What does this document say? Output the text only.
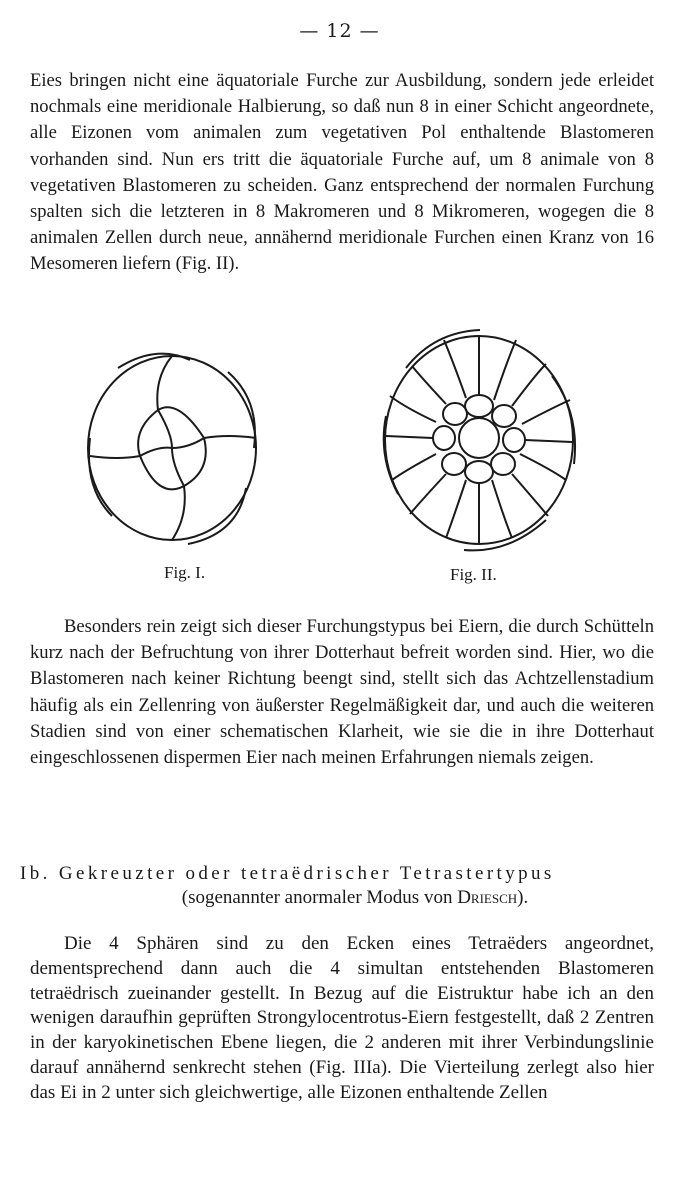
— 12 —

Eies bringen nicht eine äquatoriale Furche zur Ausbildung, sondern jede erleidet nochmals eine meridionale Halbierung, so daß nun 8 in einer Schicht angeordnete, alle Eizonen vom animalen zum vegetativen Pol enthaltende Blastomeren vorhanden sind. Nun ers tritt die äquatoriale Furche auf, um 8 animale von 8 vegetativen Blastomeren zu scheiden. Ganz entsprechend der normalen Furchung spalten sich die letzteren in 8 Makromeren und 8 Mikromeren, wogegen die 8 animalen Zellen durch neue, annähernd meridionale Furchen einen Kranz von 16 Mesomeren liefern (Fig. II).

Fig. I.	Fig. II.

Besonders rein zeigt sich dieser Furchungstypus bei Eiern, die durch Schütteln kurz nach der Befruchtung von ihrer Dotterhaut befreit worden sind. Hier, wo die Blastomeren nach keiner Richtung beengt sind, stellt sich das Achtzellenstadium häufig als ein Zellenring von äußerster Regelmäßigkeit dar, und auch die weiteren Stadien sind von einer schematischen Klarheit, wie sie die in ihre Dotterhaut eingeschlossenen dispermen Eier nach meinen Erfahrungen niemals zeigen.

Ib. Gekreuzter oder tetraëdrischer Tetrastertypus
(sogenannter anormaler Modus von Driesch).

Die 4 Sphären sind zu den Ecken eines Tetraëders angeordnet, dementsprechend dann auch die 4 simultan entstehenden Blastomeren tetraëdrisch zueinander gestellt. In Bezug auf die Eistruktur habe ich an den wenigen daraufhin geprüften Strongylocentrotus-Eiern festgestellt, daß 2 Zentren in der karyokinetischen Ebene liegen, die 2 anderen mit ihrer Verbindungslinie darauf annähernd senkrecht stehen (Fig. IIIa). Die Vierteilung zerlegt also hier das Ei in 2 unter sich gleichwertige, alle Eizonen enthaltende Zellen
